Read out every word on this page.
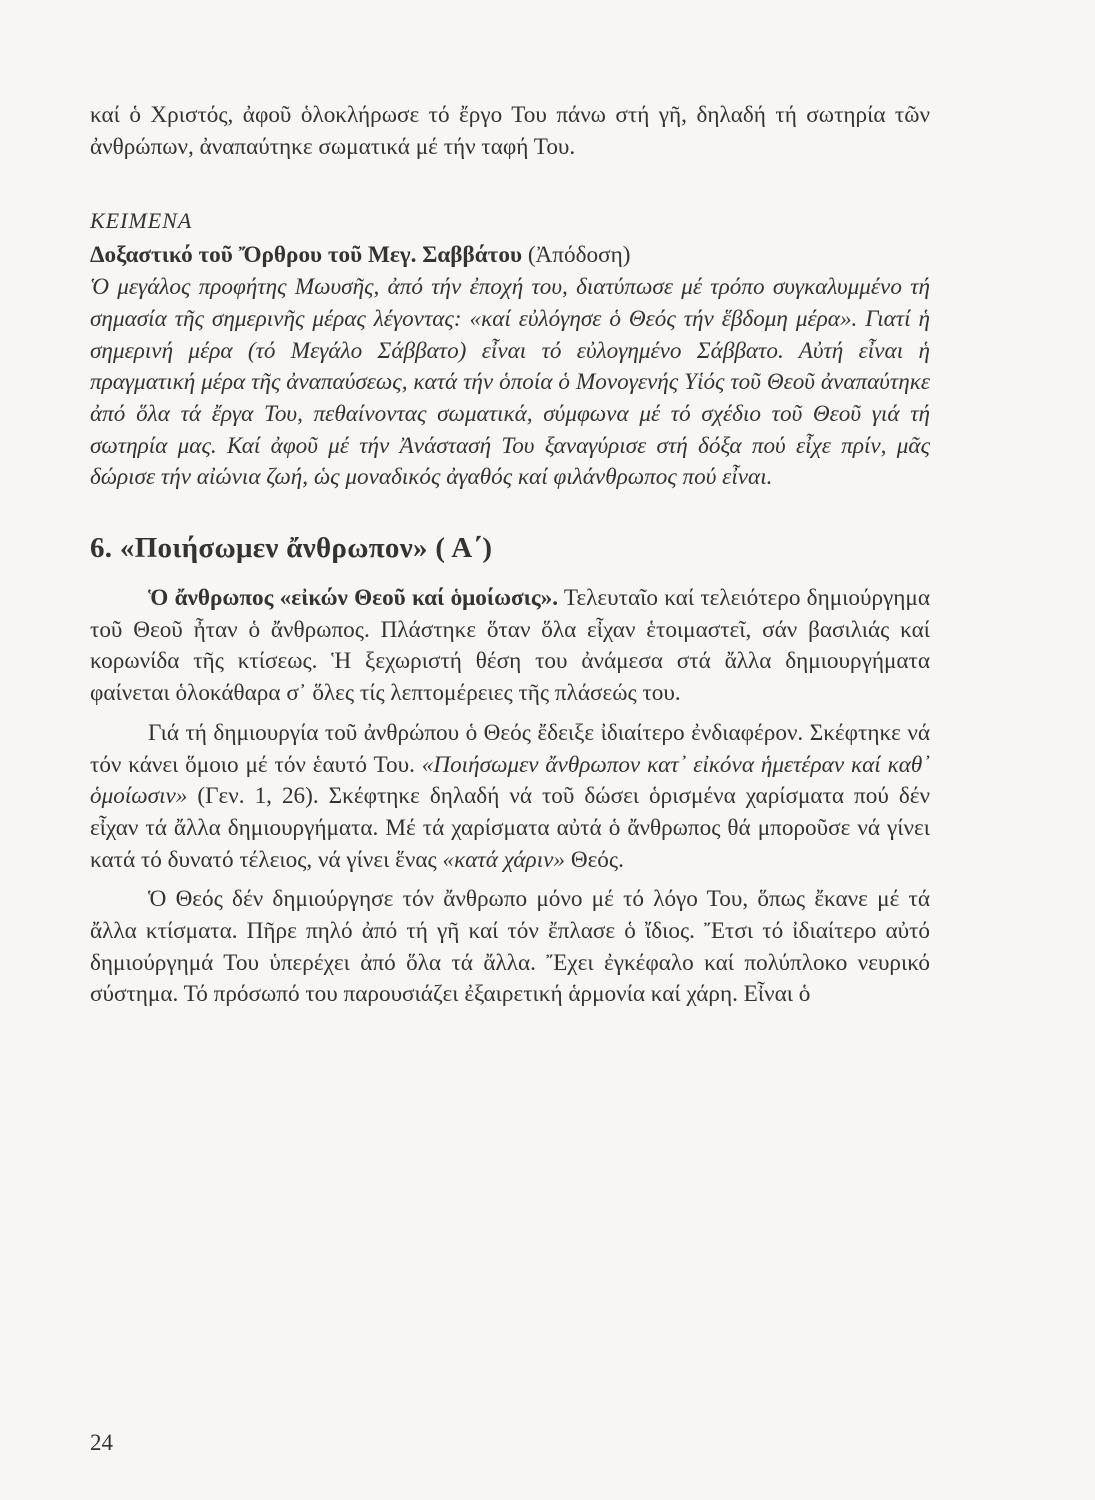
καί ὁ Χριστός, ἀφοῦ ὁλοκλήρωσε τό ἔργο Του πάνω στή γῆ, δηλαδή τή σωτηρία τῶν ἀνθρώπων, ἀναπαύτηκε σωματικά μέ τήν ταφή Του.

ΚΕΙΜΕΝΑ

Δοξαστικό τοῦ Ὄρθρου τοῦ Μεγ. Σαββάτου (Ἀπόδοση)

Ὁ μεγάλος προφήτης Μωυσῆς, ἀπό τήν ἐποχή του, διατύπωσε μέ τρόπο συγκαλυμμένο τή σημασία τῆς σημερινῆς μέρας λέγοντας: «καί εὐλόγησε ὁ Θεός τήν ἕβδομη μέρα». Γιατί ἡ σημερινή μέρα (τό Μεγάλο Σάββατο) εἶναι τό εὐλογημένο Σάββατο. Αὐτή εἶναι ἡ πραγματική μέρα τῆς ἀναπαύσεως, κατά τήν ὁποία ὁ Μονογενής Υἱός τοῦ Θεοῦ ἀναπαύτηκε ἀπό ὅλα τά ἔργα Του, πεθαίνοντας σωματικά, σύμφωνα μέ τό σχέδιο τοῦ Θεοῦ γιά τή σωτηρία μας. Καί ἀφοῦ μέ τήν Ἀνάστασή Του ξαναγύρισε στή δόξα πού εἶχε πρίν, μᾶς δώρισε τήν αἰώνια ζωή, ὡς μοναδικός ἀγαθός καί φιλάνθρωπος πού εἶναι.

6. «Ποιήσωμεν ἄνθρωπον» ( Α΄)

Ὁ ἄνθρωπος «εἰκών Θεοῦ καί ὁμοίωσις». Τελευταῖο καί τελειότερο δημιούργημα τοῦ Θεοῦ ἦταν ὁ ἄνθρωπος. Πλάστηκε ὅταν ὅλα εἶχαν ἑτοιμαστεῖ, σάν βασιλιάς καί κορωνίδα τῆς κτίσεως. Ἡ ξεχωριστή θέση του ἀνάμεσα στά ἄλλα δημιουργήματα φαίνεται ὁλοκάθαρα σ᾽ ὅλες τίς λεπτομέρειες τῆς πλάσεώς του.

Γιά τή δημιουργία τοῦ ἀνθρώπου ὁ Θεός ἔδειξε ἰδιαίτερο ἐνδιαφέρον. Σκέφτηκε νά τόν κάνει ὅμοιο μέ τόν ἑαυτό Του. «Ποιήσωμεν ἄνθρωπον κατ᾽ εἰκόνα ἡμετέραν καί καθ᾽ ὁμοίωσιν» (Γεν. 1, 26). Σκέφτηκε δηλαδή νά τοῦ δώσει ὁρισμένα χαρίσματα πού δέν εἶχαν τά ἄλλα δημιουργήματα. Μέ τά χαρίσματα αὐτά ὁ ἄνθρωπος θά μποροῦσε νά γίνει κατά τό δυνατό τέλειος, νά γίνει ἕνας «κατά χάριν» Θεός.

Ὁ Θεός δέν δημιούργησε τόν ἄνθρωπο μόνο μέ τό λόγο Του, ὅπως ἔκανε μέ τά ἄλλα κτίσματα. Πῆρε πηλό ἀπό τή γῆ καί τόν ἔπλασε ὁ ἴδιος. Ἔτσι τό ἰδιαίτερο αὐτό δημιούργημά Του ὑπερέχει ἀπό ὅλα τά ἄλλα. Ἔχει ἐγκέφαλο καί πολύπλοκο νευρικό σύστημα. Τό πρόσωπό του παρουσιάζει ἐξαιρετική ἁρμονία καί χάρη. Εἶναι ὁ

24
